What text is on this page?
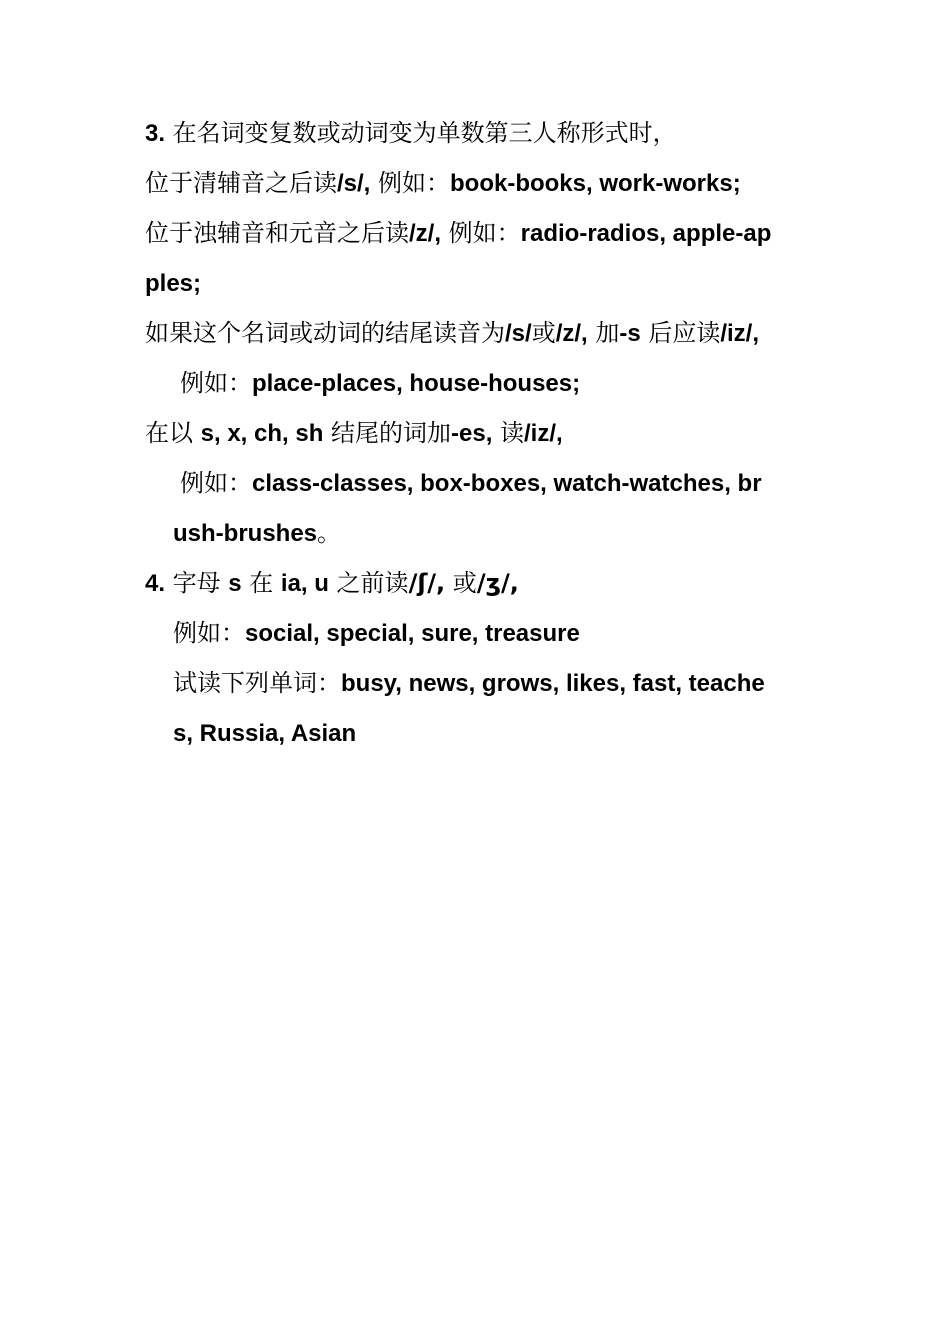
3. 在名词变复数或动词变为单数第三人称形式时，
位于清辅音之后读/s/, 例如：book-books, work-works;
位于浊辅音和元音之后读/z/, 例如：radio-radios, apple-ap
ples;
如果这个名词或动词的结尾读音为/s/或/z/, 加-s 后应读/iz/,
例如：place-places, house-houses;
在以 s, x, ch, sh 结尾的词加-es, 读/iz/,
例如：class-classes, box-boxes, watch-watches, br
ush-brushes。
4. 字母 s 在 ia, u 之前读/ʃ/, 或/ʒ/,
例如：social, special, sure, treasure
试读下列单词：busy, news, grows, likes, fast, teache
s, Russia, Asian
